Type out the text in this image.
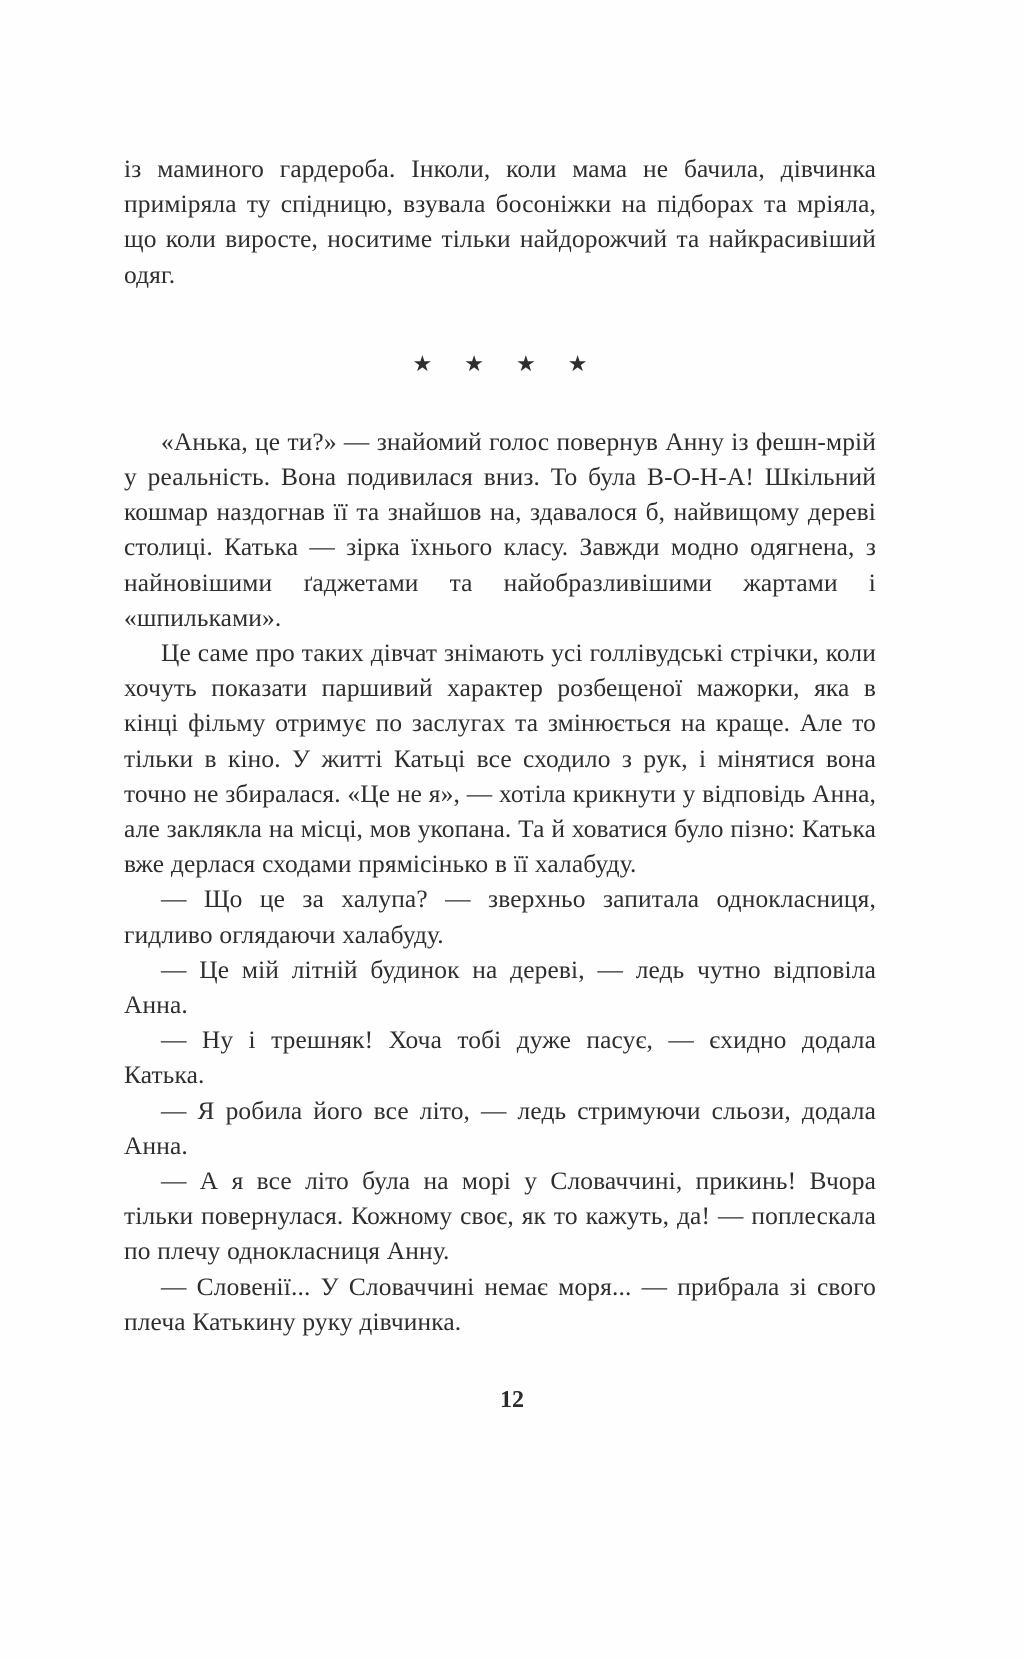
із маминого гардероба. Інколи, коли мама не бачила, дівчинка приміряла ту спідницю, взувала босоніжки на підборах та мріяла, що коли виросте, носитиме тільки найдорожчий та найкрасивіший одяг.

★ ★ ★ ★

«Анька, це ти?» — знайомий голос повернув Анну із фешн-мрій у реальність. Вона подивилася вниз. То була В-О-Н-А! Шкільний кошмар наздогнав її та знайшов на, здавалося б, найвищому дереві столиці. Катька — зірка їхнього класу. Завжди модно одягнена, з найновішими ґаджетами та найобразливішими жартами і «шпильками».

Це саме про таких дівчат знімають усі голлівудські стрічки, коли хочуть показати паршивий характер розбещеної мажорки, яка в кінці фільму отримує по заслугах та змінюється на краще. Але то тільки в кіно. У житті Катьці все сходило з рук, і мінятися вона точно не збиралася. «Це не я», — хотіла крикнути у відповідь Анна, але заклякла на місці, мов укопана. Та й ховатися було пізно: Катька вже дерлася сходами прямісінько в її халабуду.

— Що це за халупа? — зверхньо запитала однокласниця, гидливо оглядаючи халабуду.

— Це мій літній будинок на дереві, — ледь чутно відповіла Анна.

— Ну і трешняк! Хоча тобі дуже пасує, — єхидно додала Катька.

— Я робила його все літо, — ледь стримуючи сльози, додала Анна.

— А я все літо була на морі у Словаччині, прикинь! Вчора тільки повернулася. Кожному своє, як то кажуть, да! — поплескала по плечу однокласниця Анну.

— Словенії... У Словаччині немає моря... — прибрала зі свого плеча Катькину руку дівчинка.

12
